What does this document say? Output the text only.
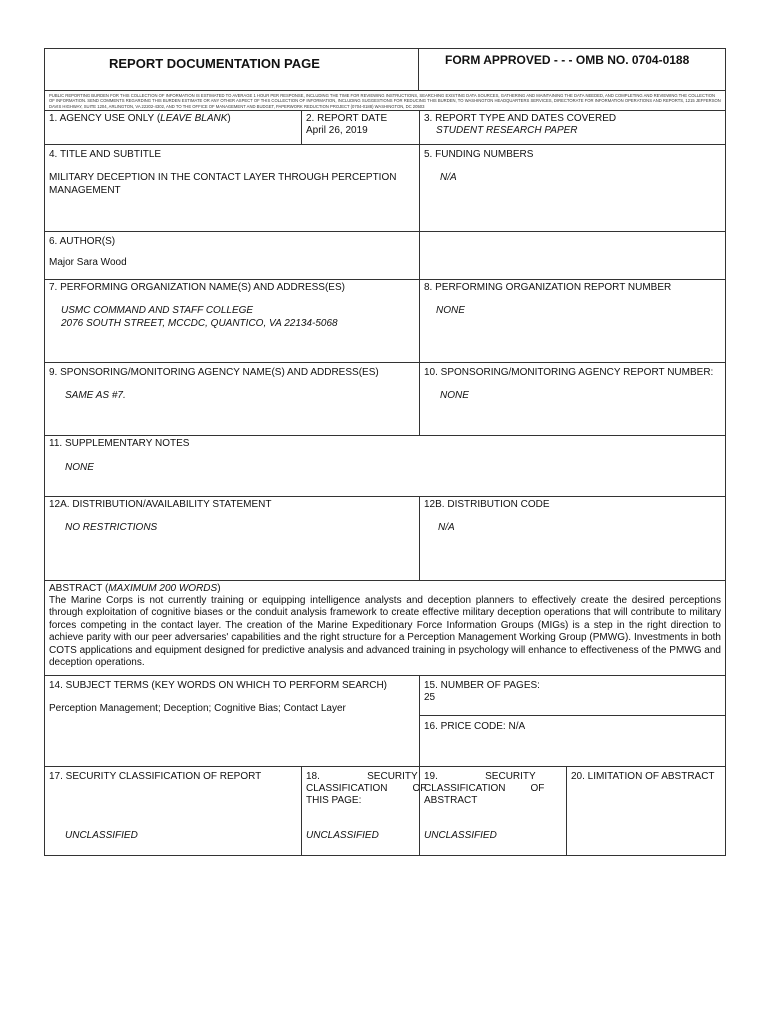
REPORT DOCUMENTATION PAGE	FORM APPROVED - - - OMB NO. 0704-0188
PUBLIC REPORTING BURDEN FOR THIS COLLECTION OF INFORMATION IS ESTIMATED TO AVERAGE 1 HOUR PER RESPONSE, INCLUDING THE TIME FOR REVIEWING INSTRUCTIONS, SEARCHING EXISTING DATA SOURCES, GATHERING AND MAINTAINING THE DATA NEEDED, AND COMPLETING AND REVIEWING THE COLLECTION OF INFORMATION. SEND COMMENTS REGARDING THIS BURDEN ESTIMATE OR ANY OTHER ASPECT OF THIS COLLECTION OF INFORMATION, INCLUDING SUGGESTIONS FOR REDUCING THIS BURDEN, TO WASHINGTON HEADQUARTERS SERVICES, DIRECTORATE FOR INFORMATION OPERATIONS AND REPORTS, 1215 JEFFERSON DAVIS HIGHWAY, SUITE 1204, ARLINGTON, VA 22202-4302, AND TO THE OFFICE OF MANAGEMENT AND BUDGET, PAPERWORK REDUCTION PROJECT (0704-0188) WASHINGTON, DC 20503
1. AGENCY USE ONLY (LEAVE BLANK)	2. REPORT DATE
April 26, 2019
3. REPORT TYPE AND DATES COVERED
STUDENT RESEARCH PAPER
4. TITLE AND SUBTITLE
MILITARY DECEPTION IN THE CONTACT LAYER THROUGH PERCEPTION MANAGEMENT
5. FUNDING NUMBERS
N/A
6. AUTHOR(S)
Major Sara Wood
7. PERFORMING ORGANIZATION NAME(S) AND ADDRESS(ES)
USMC COMMAND AND STAFF COLLEGE
2076 SOUTH STREET, MCCDC, QUANTICO, VA 22134-5068
8. PERFORMING ORGANIZATION REPORT NUMBER
NONE
9. SPONSORING/MONITORING AGENCY NAME(S) AND ADDRESS(ES)
SAME AS #7.
10. SPONSORING/MONITORING AGENCY REPORT NUMBER:
NONE
11. SUPPLEMENTARY NOTES
NONE
12A. DISTRIBUTION/AVAILABILITY STATEMENT
NO RESTRICTIONS
12B. DISTRIBUTION CODE
N/A
ABSTRACT (MAXIMUM 200 WORDS)
The Marine Corps is not currently training or equipping intelligence analysts and deception planners to effectively create the desired perceptions through exploitation of cognitive biases or the conduit analysis framework to create effective military deception operations that will contribute to military forces competing in the contact layer. The creation of the Marine Expeditionary Force Information Groups (MIGs) is a step in the right direction to achieve parity with our peer adversaries' capabilities and the right structure for a Perception Management Working Group (PMWG). Investments in both COTS applications and equipment designed for predictive analysis and advanced training in psychology will enhance to effectiveness of the PMWG and deception operations.
14. SUBJECT TERMS (KEY WORDS ON WHICH TO PERFORM SEARCH)
Perception Management; Deception; Cognitive Bias; Contact Layer
15. NUMBER OF PAGES:
25
16. PRICE CODE: N/A
17. SECURITY CLASSIFICATION OF REPORT
UNCLASSIFIED
18.                 SECURITY
CLASSIFICATION         OF
THIS PAGE:
UNCLASSIFIED
19.                 SECURITY
CLASSIFICATION         OF
ABSTRACT
UNCLASSIFIED
20. LIMITATION OF ABSTRACT
